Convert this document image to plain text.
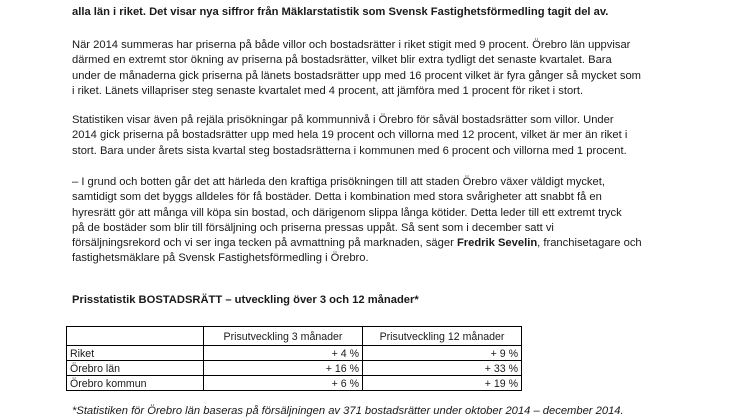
alla län i riket. Det visar nya siffror från Mäklarstatistik som Svensk Fastighetsförmedling tagit del av.

När 2014 summeras har priserna på både villor och bostadsrätter i riket stigit med 9 procent. Örebro län uppvisar
därmed en extremt stor ökning av priserna på bostadsrätter, vilket blir extra tydligt det senaste kvartalet. Bara
under de månaderna gick priserna på länets bostadsrätter upp med 16 procent vilket är fyra gånger så mycket som
i riket. Länets villapriser steg senaste kvartalet med 4 procent, att jämföra med 1 procent för riket i stort.

Statistiken visar även på rejäla prisökningar på kommunnivå i Örebro för såväl bostadsrätter som villor. Under
2014 gick priserna på bostadsrätter upp med hela 19 procent och villorna med 12 procent, vilket är mer än riket i
stort. Bara under årets sista kvartal steg bostadsrätterna i kommunen med 6 procent och villorna med 1 procent.

– I grund och botten går det att härleda den kraftiga prisökningen till att staden Örebro växer väldigt mycket,
samtidigt som det byggs alldeles för få bostäder. Detta i kombination med stora svårigheter att snabbt få en
hyresrätt gör att många vill köpa sin bostad, och därigenom slippa långa kötider. Detta leder till ett extremt tryck
på de bostäder som blir till försäljning och priserna pressas uppåt. Så sent som i december satt vi
försäljningsrekord och vi ser inga tecken på avmattning på marknaden, säger Fredrik Sevelin, franchisetagare och
fastighetsmäklare på Svensk Fastighetsförmedling i Örebro.

Prisstatistik BOSTADSRÄTT – utveckling över 3 och 12 månader*

	Prisutveckling 3 månader	Prisutveckling 12 månader
Riket	+ 4 %	+ 9 %
Örebro län	+ 16 %	+ 33 %
Örebro kommun	+ 6 %	+ 19 %

*Statistiken för Örebro län baseras på försäljningen av 371 bostadsrätter under oktober 2014 – december 2014.
